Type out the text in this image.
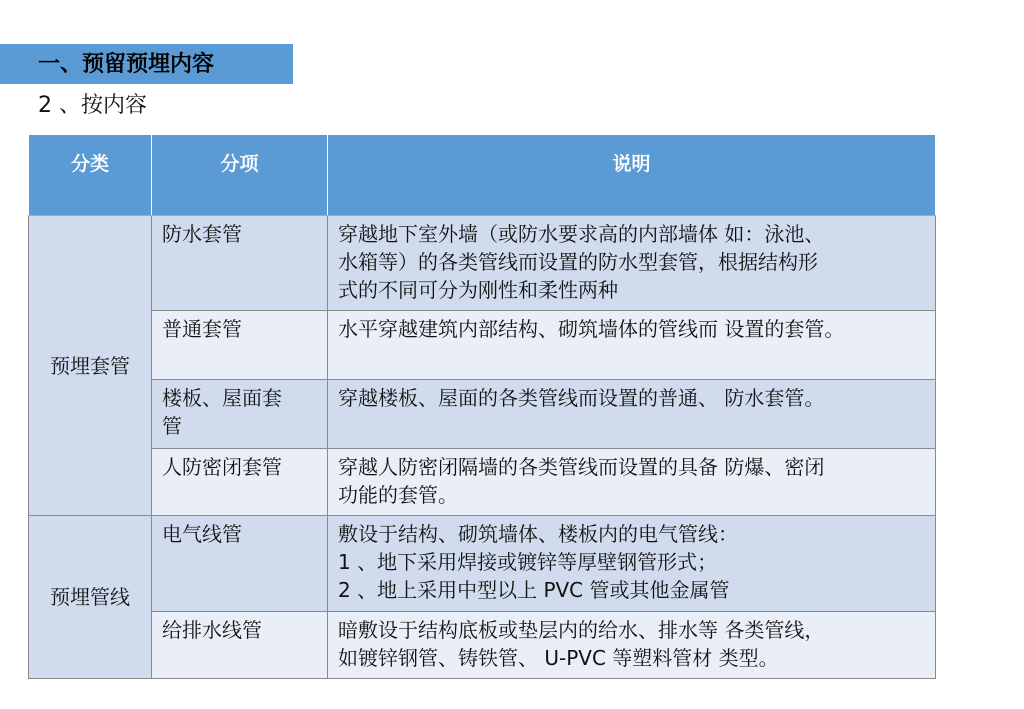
一、预留预埋内容
2 、按内容
分类	分项	说明
预埋套管	防水套管	穿越地下室外墙（或防水要求高的内部墙体 如：泳池、
水箱等）的各类管线而设置的防水型套管，根据结构形
式的不同可分为刚性和柔性两种

	普通套管	水平穿越建筑内部结构、砌筑墙体的管线而 设置的套管。

	楼板、屋面套
管	穿越楼板、屋面的各类管线而设置的普通、 防水套管。

	人防密闭套管	穿越人防密闭隔墙的各类管线而设置的具备 防爆、密闭
功能的套管。

预埋管线	电气线管	敷设于结构、砌筑墙体、楼板内的电气管线：
1 、地下采用焊接或镀锌等厚壁钢管形式；
2 、地上采用中型以上 PVC 管或其他金属管

	给排水线管	暗敷设于结构底板或垫层内的给水、排水等 各类管线，
如镀锌钢管、铸铁管、 U-PVC 等塑料管材 类型。
